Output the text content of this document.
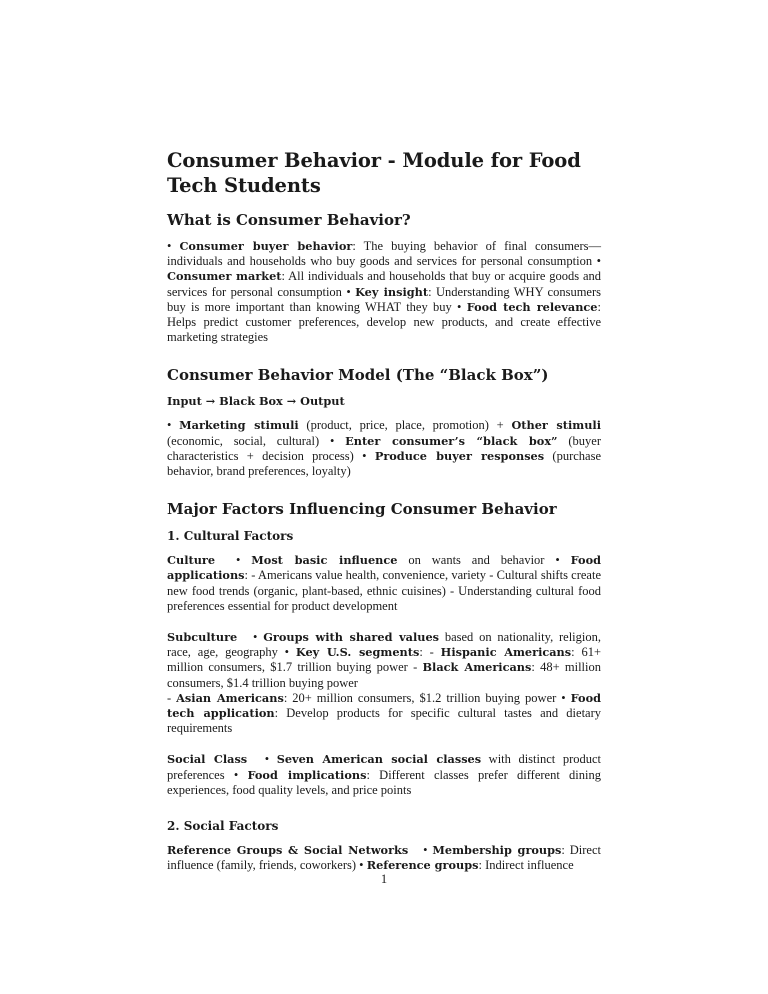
Consumer Behavior - Module for Food Tech Students
What is Consumer Behavior?

• Consumer buyer behavior: The buying behavior of final consumers—individuals and households who buy goods and services for personal consumption • Consumer market: All individuals and households that buy or acquire goods and services for personal consumption • Key insight: Understanding WHY consumers buy is more important than knowing WHAT they buy • Food tech relevance: Helps predict customer preferences, develop new products, and create effective marketing strategies

Consumer Behavior Model (The “Black Box”)
Input → Black Box → Output

• Marketing stimuli (product, price, place, promotion) + Other stimuli (economic, social, cultural) • Enter consumer’s “black box” (buyer characteristics + decision process) • Produce buyer responses (purchase behavior, brand preferences, loyalty)

Major Factors Influencing Consumer Behavior
1. Cultural Factors

Culture • Most basic influence on wants and behavior • Food applications: - Americans value health, convenience, variety - Cultural shifts create new food trends (organic, plant-based, ethnic cuisines) - Understanding cultural food preferences essential for product development

Subculture • Groups with shared values based on nationality, religion, race, age, geography • Key U.S. segments: - Hispanic Americans: 61+ million consumers, $1.7 trillion buying power - Black Americans: 48+ million consumers, $1.4 trillion buying power
- Asian Americans: 20+ million consumers, $1.2 trillion buying power • Food tech application: Develop products for specific cultural tastes and dietary requirements

Social Class • Seven American social classes with distinct product preferences • Food implications: Different classes prefer different dining experiences, food quality levels, and price points

2. Social Factors

Reference Groups & Social Networks • Membership groups: Direct influence (family, friends, coworkers) • Reference groups: Indirect influence

1
